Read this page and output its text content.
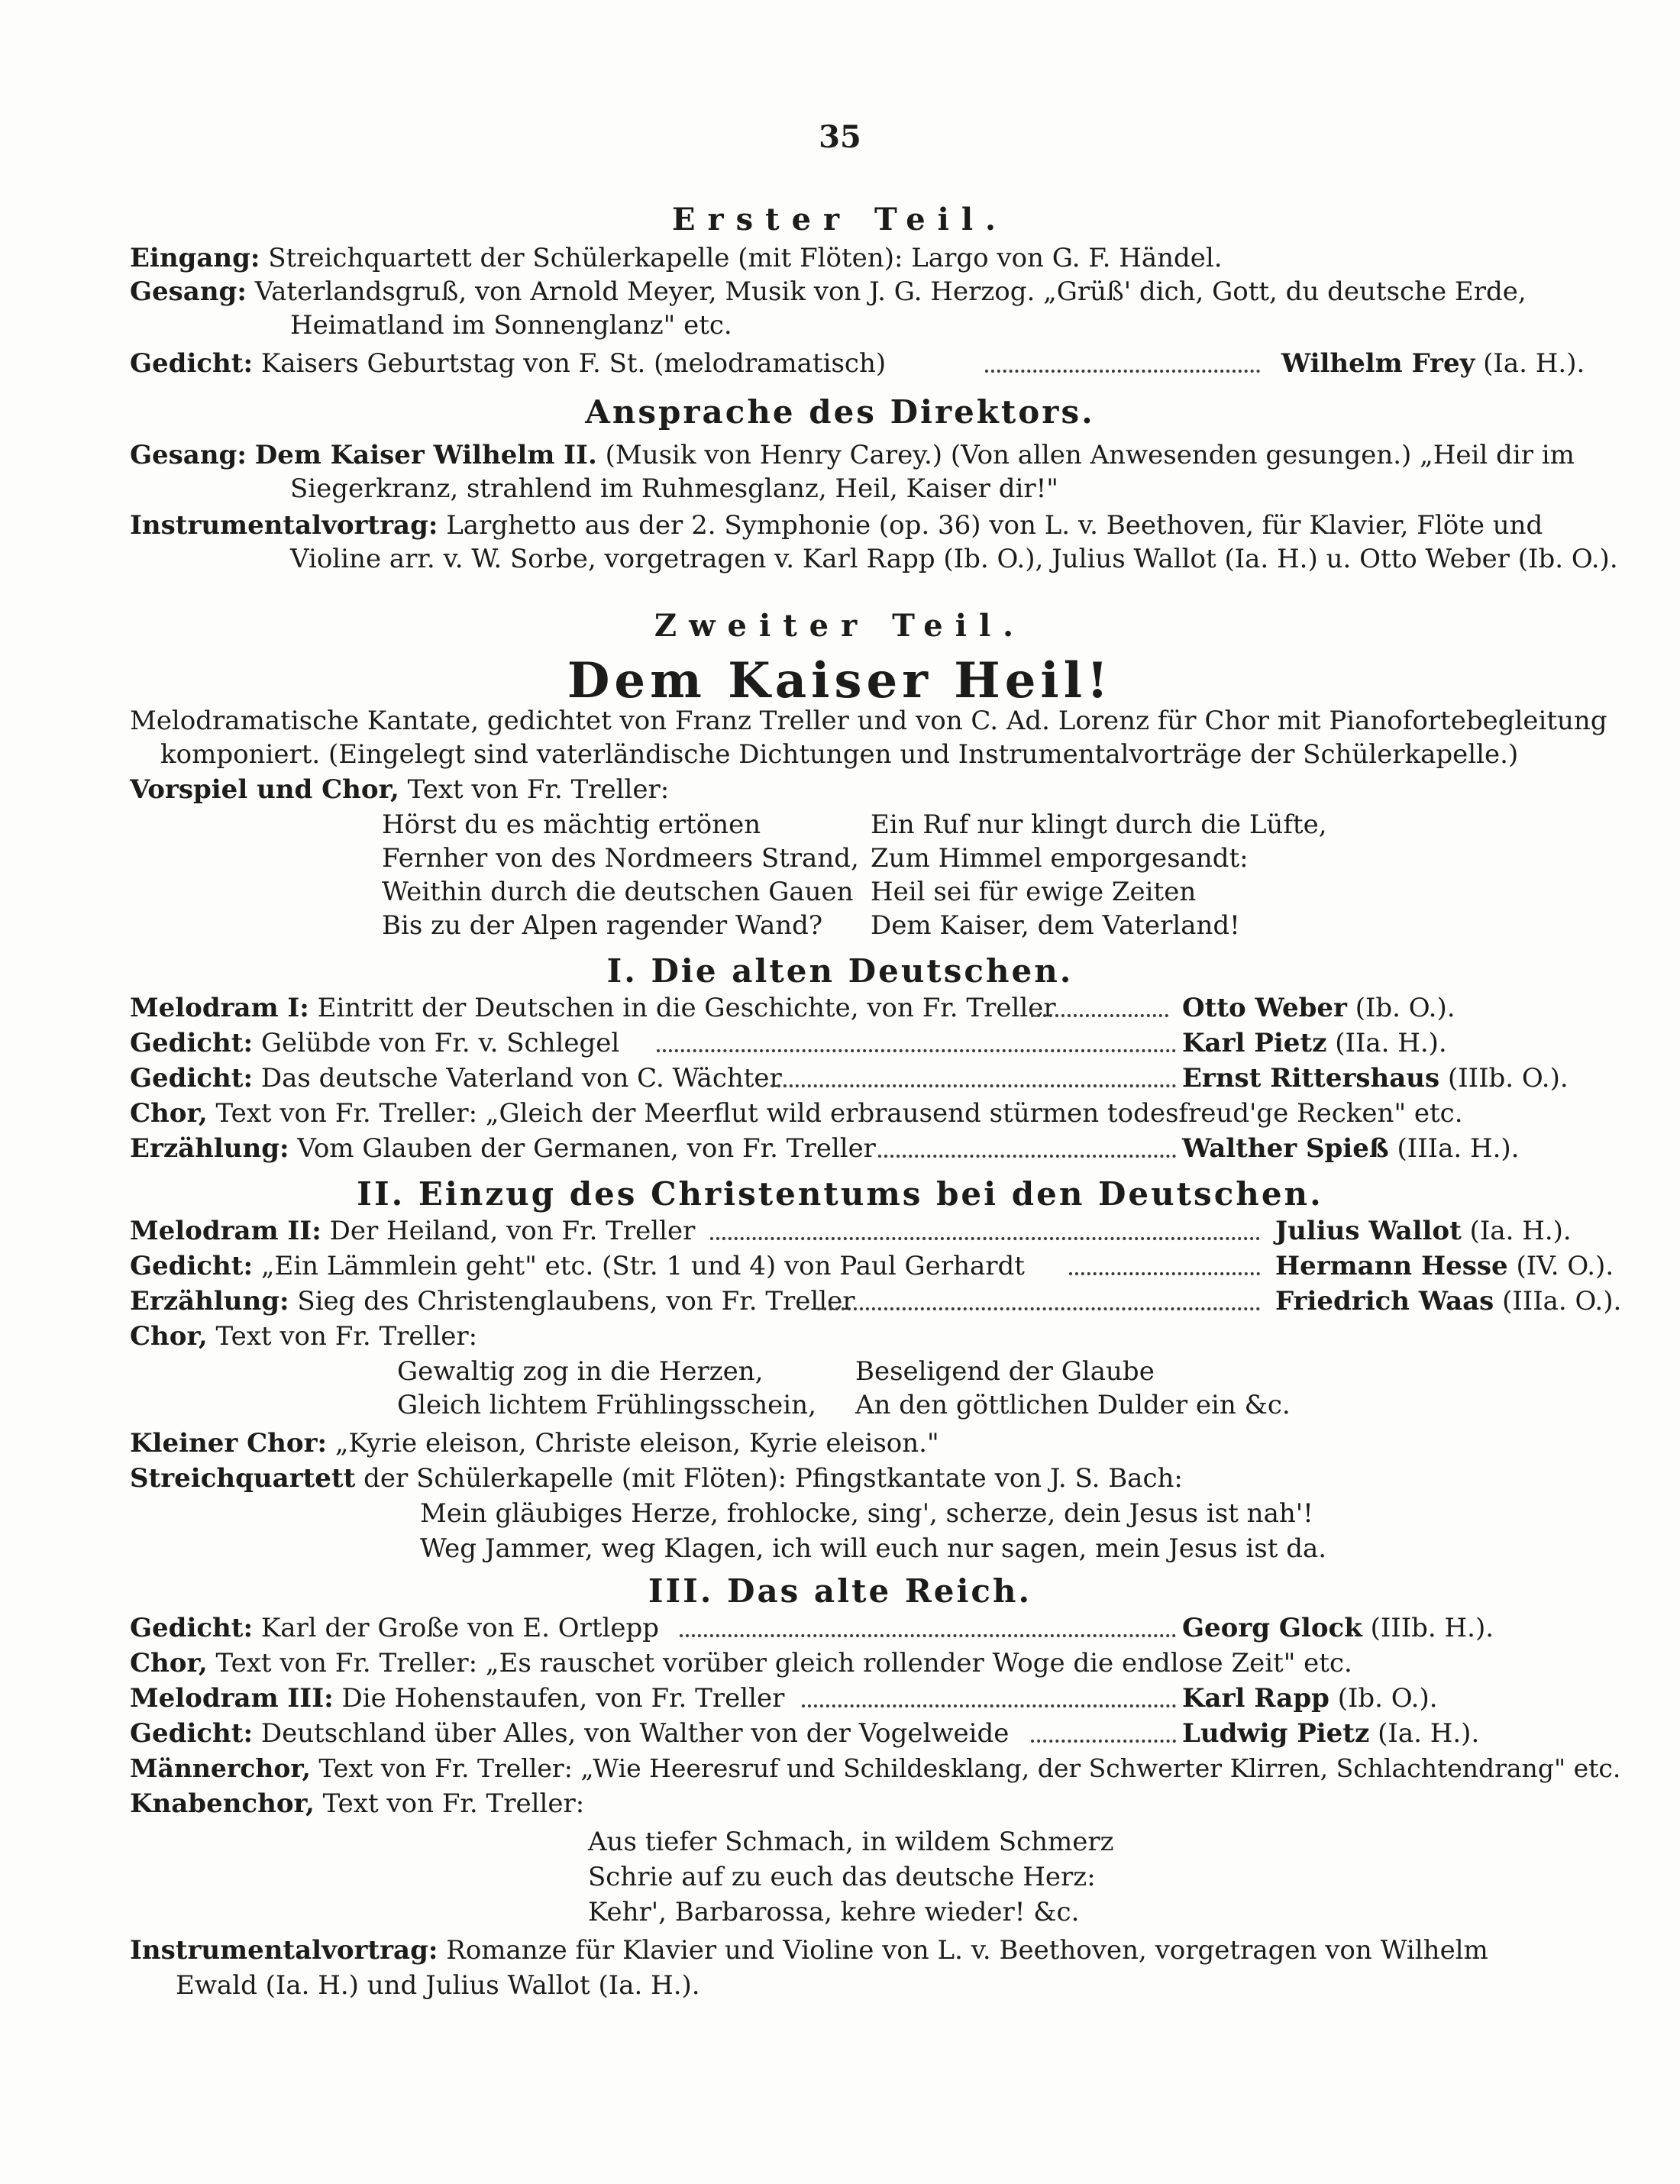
35
Erster Teil.
Eingang: Streichquartett der Schülerkapelle (mit Flöten): Largo von G. F. Händel.
Gesang: Vaterlandsgruß, von Arnold Meyer, Musik von J. G. Herzog. „Grüß' dich, Gott, du deutsche Erde,
Heimatland im Sonnenglanz" etc.
Gedicht: Kaisers Geburtstag von F. St. (melodramatisch)	Wilhelm Frey (Ia. H.).
Ansprache des Direktors.
Gesang: Dem Kaiser Wilhelm II. (Musik von Henry Carey.) (Von allen Anwesenden gesungen.) „Heil dir im
Siegerkranz, strahlend im Ruhmesglanz, Heil, Kaiser dir!"
Instrumentalvortrag: Larghetto aus der 2. Symphonie (op. 36) von L. v. Beethoven, für Klavier, Flöte und
Violine arr. v. W. Sorbe, vorgetragen v. Karl Rapp (Ib. O.), Julius Wallot (Ia. H.) u. Otto Weber (Ib. O.).
Zweiter Teil.
Dem Kaiser Heil!
Melodramatische Kantate, gedichtet von Franz Treller und von C. Ad. Lorenz für Chor mit Pianofortebegleitung
komponiert. (Eingelegt sind vaterländische Dichtungen und Instrumentalvorträge der Schülerkapelle.)
Vorspiel und Chor, Text von Fr. Treller:
Hörst du es mächtig ertönen
Fernher von des Nordmeers Strand,
Weithin durch die deutschen Gauen
Bis zu der Alpen ragender Wand?
Ein Ruf nur klingt durch die Lüfte,
Zum Himmel emporgesandt:
Heil sei für ewige Zeiten
Dem Kaiser, dem Vaterland!
I. Die alten Deutschen.
Melodram I: Eintritt der Deutschen in die Geschichte, von Fr. Treller	Otto Weber (Ib. O.).
Gedicht: Gelübde von Fr. v. Schlegel	Karl Pietz (IIa. H.).
Gedicht: Das deutsche Vaterland von C. Wächter	Ernst Rittershaus (IIIb. O.).
Chor, Text von Fr. Treller: „Gleich der Meerflut wild erbrausend stürmen todesfreud'ge Recken" etc.
Erzählung: Vom Glauben der Germanen, von Fr. Treller	Walther Spieß (IIIa. H.).
II. Einzug des Christentums bei den Deutschen.
Melodram II: Der Heiland, von Fr. Treller	Julius Wallot (Ia. H.).
Gedicht: „Ein Lämmlein geht" etc. (Str. 1 und 4) von Paul Gerhardt	Hermann Hesse (IV. O.).
Erzählung: Sieg des Christenglaubens, von Fr. Treller	Friedrich Waas (IIIa. O.).
Chor, Text von Fr. Treller:
Gewaltig zog in die Herzen,
Gleich lichtem Frühlingsschein,
Beseligend der Glaube
An den göttlichen Dulder ein &c.
Kleiner Chor: „Kyrie eleison, Christe eleison, Kyrie eleison."
Streichquartett der Schülerkapelle (mit Flöten): Pfingstkantate von J. S. Bach:
Mein gläubiges Herze, frohlocke, sing', scherze, dein Jesus ist nah'!
Weg Jammer, weg Klagen, ich will euch nur sagen, mein Jesus ist da.
III. Das alte Reich.
Gedicht: Karl der Große von E. Ortlepp	Georg Glock (IIIb. H.).
Chor, Text von Fr. Treller: „Es rauschet vorüber gleich rollender Woge die endlose Zeit" etc.
Melodram III: Die Hohenstaufen, von Fr. Treller	Karl Rapp (Ib. O.).
Gedicht: Deutschland über Alles, von Walther von der Vogelweide	Ludwig Pietz (Ia. H.).
Männerchor, Text von Fr. Treller: „Wie Heeresruf und Schildesklang, der Schwerter Klirren, Schlachtendrang" etc.
Knabenchor, Text von Fr. Treller:
Aus tiefer Schmach, in wildem Schmerz
Schrie auf zu euch das deutsche Herz:
Kehr', Barbarossa, kehre wieder! &c.
Instrumentalvortrag: Romanze für Klavier und Violine von L. v. Beethoven, vorgetragen von Wilhelm
Ewald (Ia. H.) und Julius Wallot (Ia. H.).
